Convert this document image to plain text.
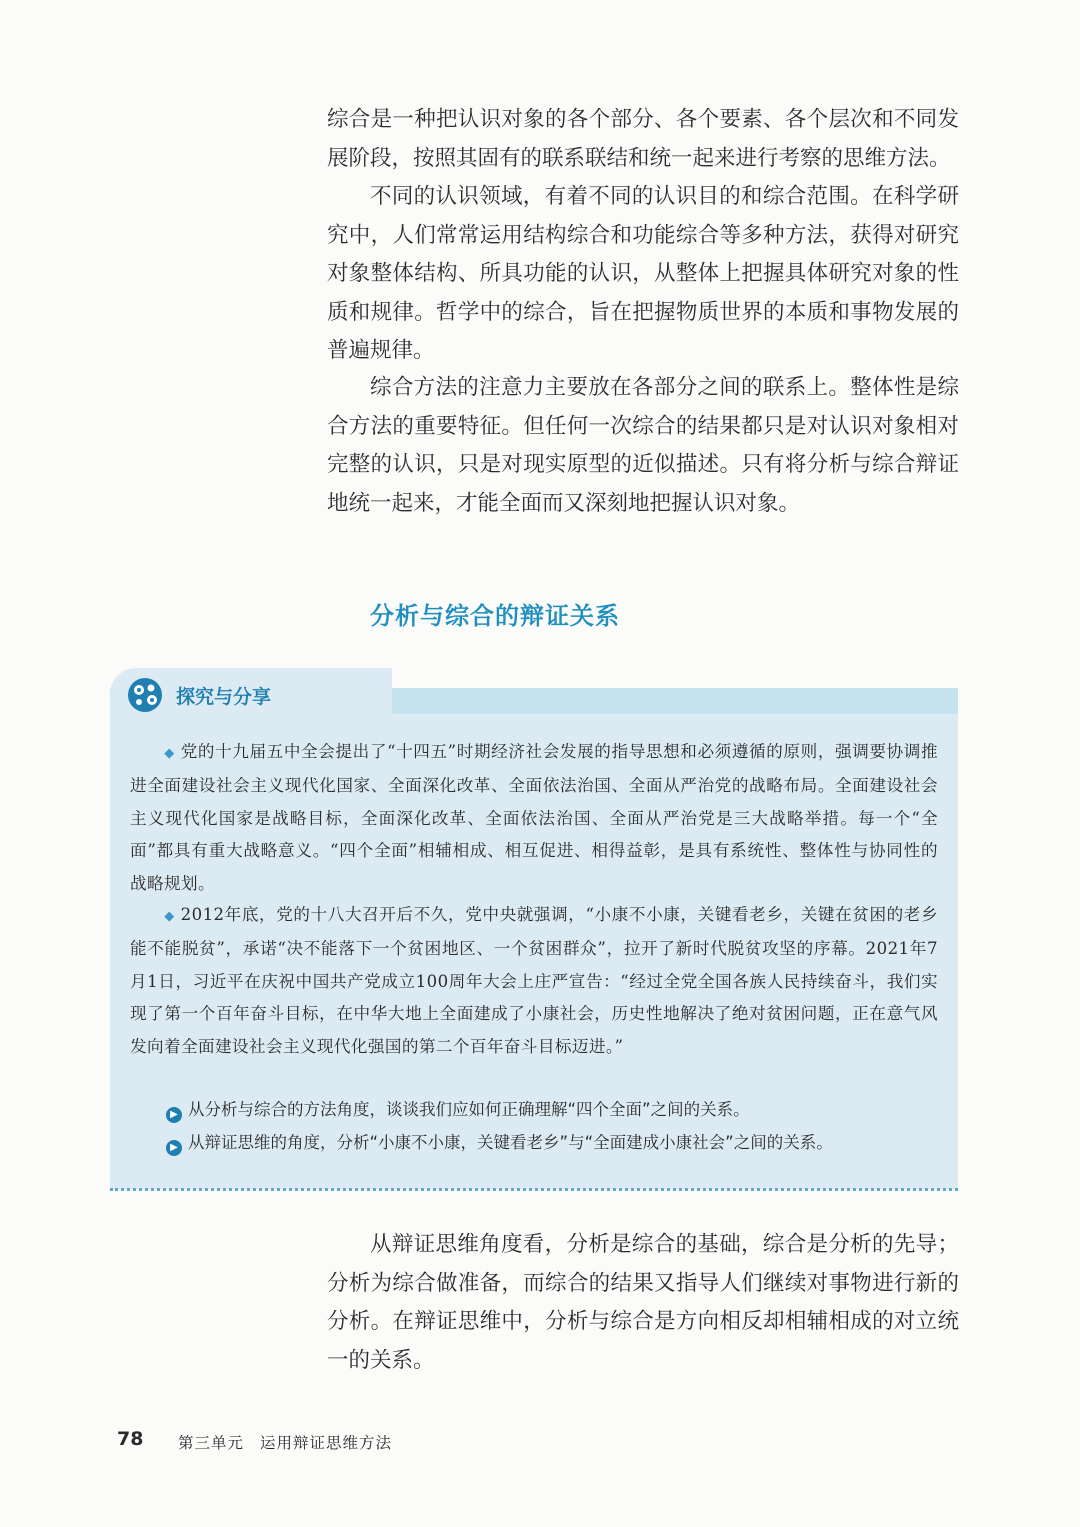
综合是一种把认识对象的各个部分、各个要素、各个层次和不同发展阶段，按照其固有的联系联结和统一起来进行考察的思维方法。

不同的认识领域，有着不同的认识目的和综合范围。在科学研究中，人们常常运用结构综合和功能综合等多种方法，获得对研究对象整体结构、所具功能的认识，从整体上把握具体研究对象的性质和规律。哲学中的综合，旨在把握物质世界的本质和事物发展的普遍规律。

综合方法的注意力主要放在各部分之间的联系上。整体性是综合方法的重要特征。但任何一次综合的结果都只是对认识对象相对完整的认识，只是对现实原型的近似描述。只有将分析与综合辩证地统一起来，才能全面而又深刻地把握认识对象。

分析与综合的辩证关系
探究与分享

◆ 党的十九届五中全会提出了“十四五”时期经济社会发展的指导思想和必须遵循的原则，强调要协调推进全面建设社会主义现代化国家、全面深化改革、全面依法治国、全面从严治党的战略布局。全面建设社会主义现代化国家是战略目标，全面深化改革、全面依法治国、全面从严治党是三大战略举措。每一个“全面”都具有重大战略意义。“四个全面”相辅相成、相互促进、相得益彰，是具有系统性、整体性与协同性的战略规划。

◆ 2012年底，党的十八大召开后不久，党中央就强调，“小康不小康，关键看老乡，关键在贫困的老乡能不能脱贫”，承诺“决不能落下一个贫困地区、一个贫困群众”，拉开了新时代脱贫攻坚的序幕。2021年7月1日，习近平在庆祝中国共产党成立100周年大会上庄严宣告：“经过全党全国各族人民持续奋斗，我们实现了第一个百年奋斗目标，在中华大地上全面建成了小康社会，历史性地解决了绝对贫困问题，正在意气风发向着全面建设社会主义现代化强国的第二个百年奋斗目标迈进。”

▶ 从分析与综合的方法角度，谈谈我们应如何正确理解“四个全面”之间的关系。
▶ 从辩证思维的角度，分析“小康不小康，关键看老乡”与“全面建成小康社会”之间的关系。

从辩证思维角度看，分析是综合的基础，综合是分析的先导；分析为综合做准备，而综合的结果又指导人们继续对事物进行新的分析。在辩证思维中，分析与综合是方向相反却相辅相成的对立统一的关系。

78 第三单元 运用辩证思维方法
